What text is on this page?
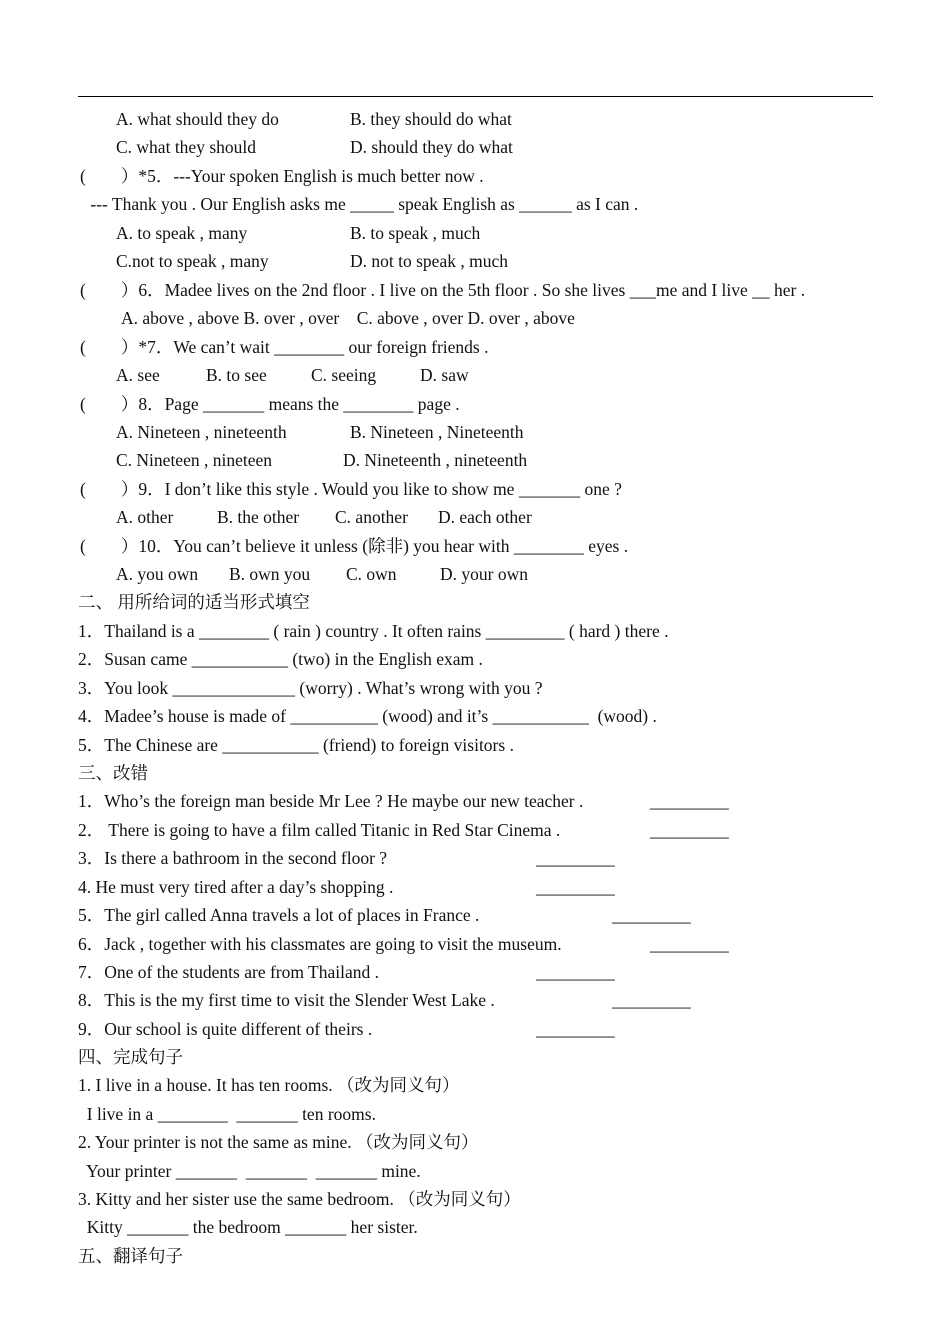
A. what should they do

	B. they should do what

C. what they should

	D. should they do what

(　　）*5．---Your spoken English is much better now .
--- Thank you . Our English asks me _____ speak English as ______ as I can .

A. to speak , many

	B. to speak , much

C.not to speak , many

	D. not to speak , much

(　　）6．Madee lives on the 2nd floor . I live on the 5th floor . So she lives ___me and I live __ her .
A. above , above B. over , over    C. above , over D. over , above
(　　）*7．We can’t wait ________ our foreign friends .

A. see

	B. to see

	C. seeing

	D. saw

(　　）8．Page _______ means the ________ page .

A. Nineteen , nineteenth

	B. Nineteen , Nineteenth

C. Nineteen , nineteen

	D. Nineteenth , nineteenth

(　　）9．I don’t like this style . Would you like to show me _______ one ?

A. other

B. the other

C. another

D. each other

(　　）10．You can’t believe it unless (除非) you hear with ________ eyes .

A. you own

B. own you

C. own

D. your own

二、 用所给词的适当形式填空
1．Thailand is a ________ ( rain ) country . It often rains _________ ( hard ) there .
2．Susan came ___________ (two) in the English exam .
3．You look ______________ (worry) . What’s wrong with you ?
4．Madee’s house is made of __________ (wood) and it’s ___________  (wood) .
5．The Chinese are ___________ (friend) to foreign visitors .
三、改错
1．Who’s the foreign man beside Mr Lee ? He maybe our new teacher .	_________
2． There is going to have a film called Titanic in Red Star Cinema .	_________
3．Is there a bathroom in the second floor ?	_________
4. He must very tired after a day’s shopping .	_________
5．The girl called Anna travels a lot of places in France .	_________
6．Jack , together with his classmates are going to visit the museum.	_________
7．One of the students are from Thailand .	_________
8．This is the my first time to visit the Slender West Lake .	_________
9．Our school is quite different of theirs .	_________
四、完成句子
1. I live in a house. It has ten rooms. （改为同义句）
I live in a ________  _______ ten rooms.
2. Your printer is not the same as mine. （改为同义句）
Your printer _______  _______  _______ mine.
3. Kitty and her sister use the same bedroom. （改为同义句）
Kitty _______ the bedroom _______ her sister.
五、翻译句子
